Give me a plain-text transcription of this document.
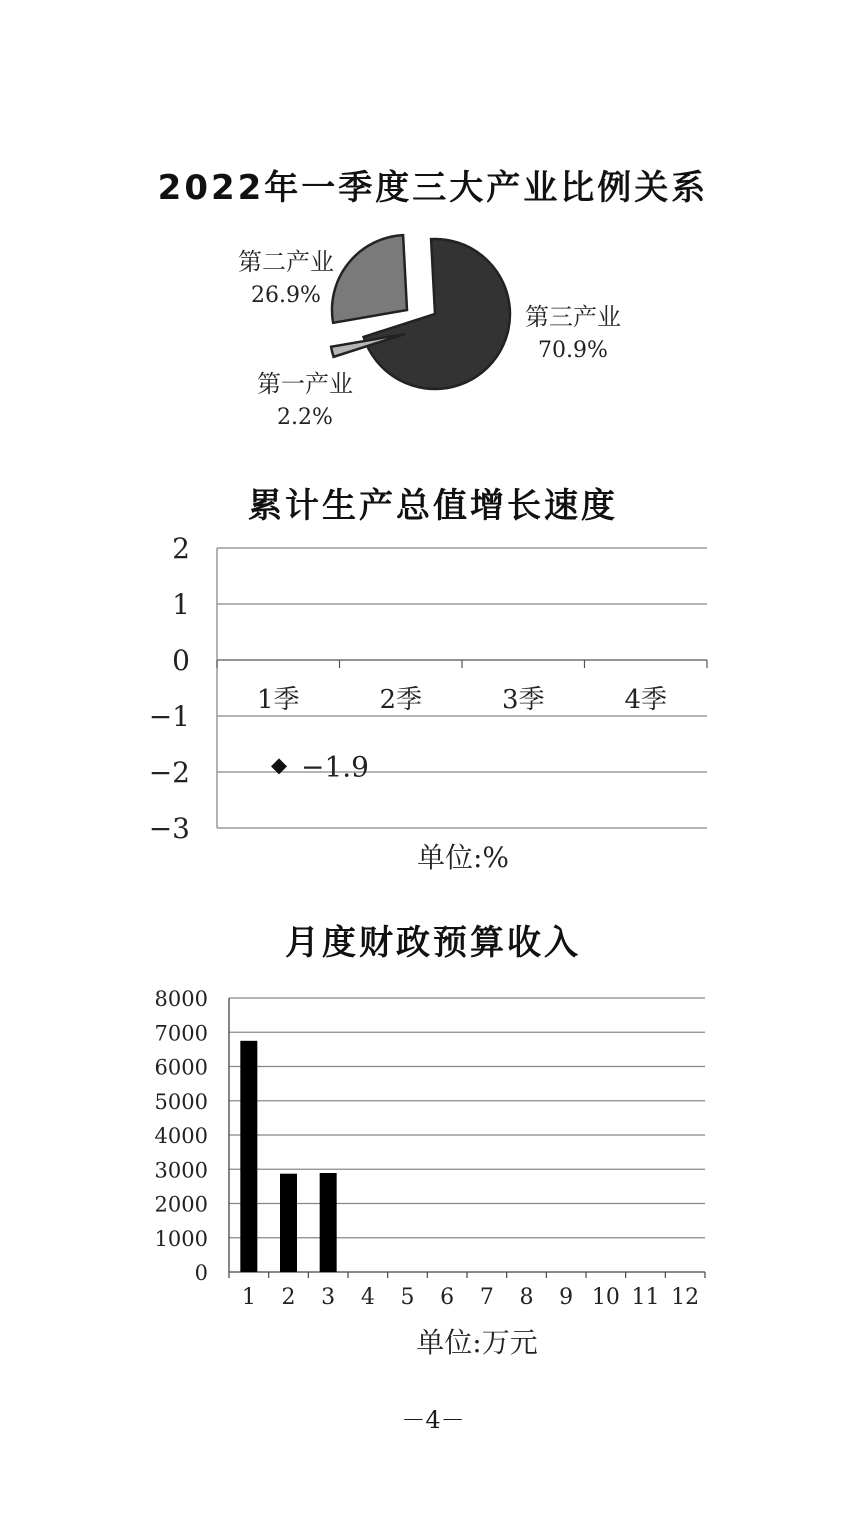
2022年一季度三大产业比例关系
第一产业
2.2%
第二产业
26.9%
第三产业
70.9%
累计生产总值增长速度
2
1
0
−1
−2
−3
1季	2季	3季	4季
−1.9
单位:%
月度财政预算收入
8000
7000
6000
5000
4000
3000
2000
1000
0
1 2 3 4 5 6 7 8 9 10 11 12
单位:万元
－4－
